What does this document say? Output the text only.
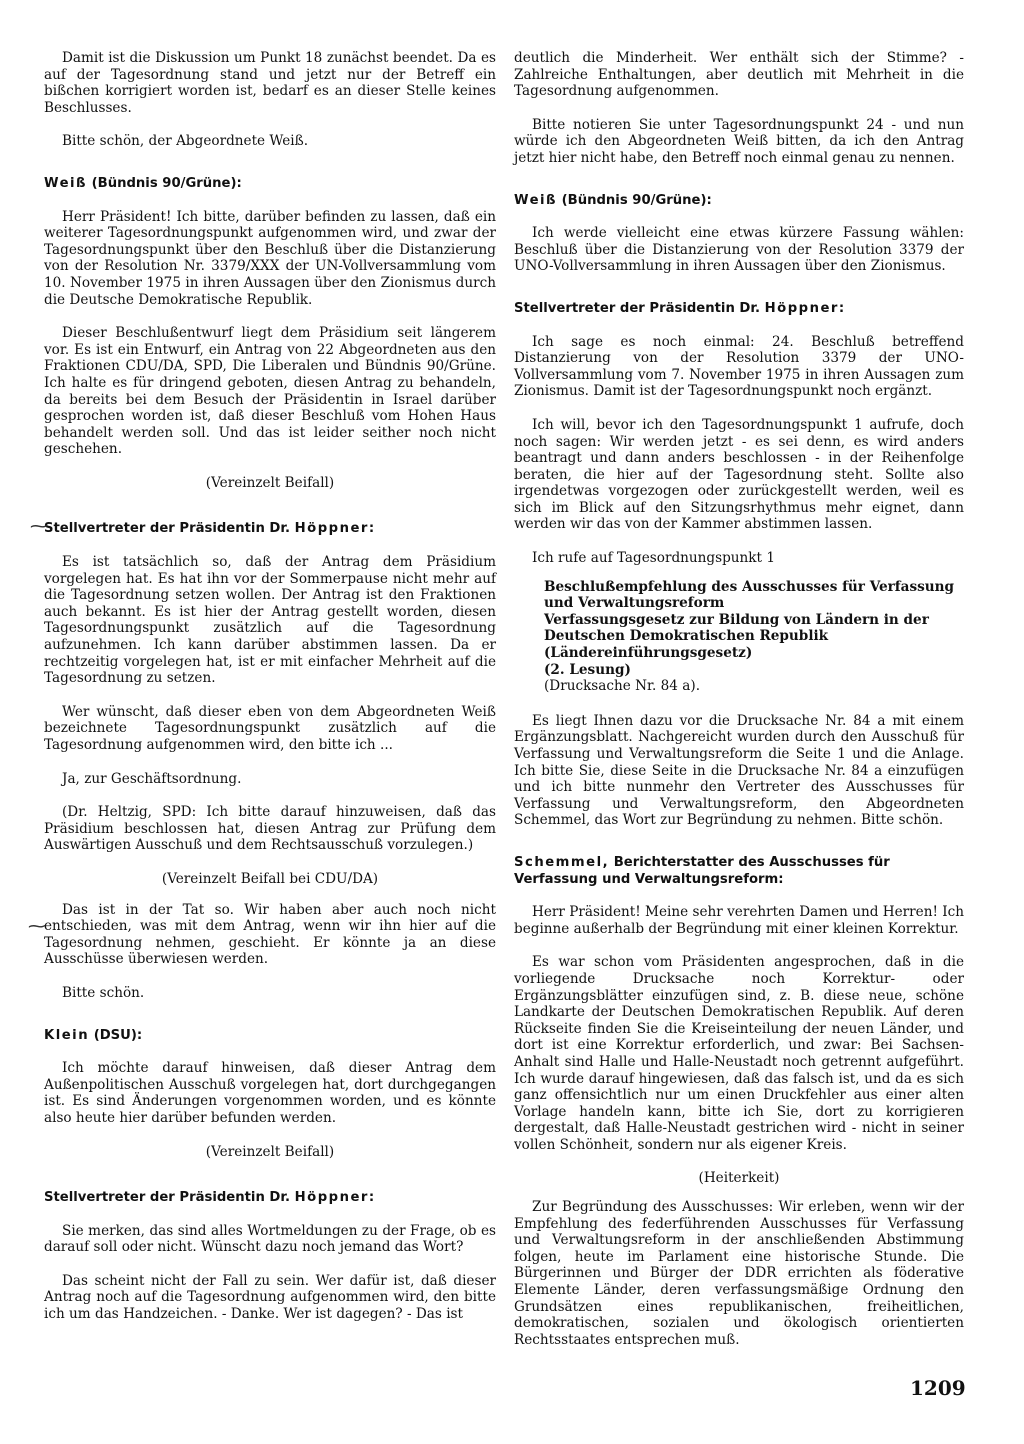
Damit ist die Diskussion um Punkt 18 zunächst beendet. Da es auf der Tagesordnung stand und jetzt nur der Betreff ein bißchen korrigiert worden ist, bedarf es an dieser Stelle keines Beschlusses.

Bitte schön, der Abgeordnete Weiß.

Weiß (Bündnis 90/Grüne):

Herr Präsident! Ich bitte, darüber befinden zu lassen, daß ein weiterer Tagesordnungspunkt aufgenommen wird, und zwar der Tagesordnungspunkt über den Beschluß über die Distanzierung von der Resolution Nr. 3379/XXX der UN-Vollversammlung vom 10. November 1975 in ihren Aussagen über den Zionismus durch die Deutsche Demokratische Republik.

Dieser Beschlußentwurf liegt dem Präsidium seit längerem vor. Es ist ein Entwurf, ein Antrag von 22 Abgeordneten aus den Fraktionen CDU/DA, SPD, Die Liberalen und Bündnis 90/Grüne. Ich halte es für dringend geboten, diesen Antrag zu behandeln, da bereits bei dem Besuch der Präsidentin in Israel darüber gesprochen worden ist, daß dieser Beschluß vom Hohen Haus behandelt werden soll. Und das ist leider seither noch nicht geschehen.

(Vereinzelt Beifall)

Stellvertreter der Präsidentin Dr. Höppner:

Es ist tatsächlich so, daß der Antrag dem Präsidium vorgelegen hat. Es hat ihn vor der Sommerpause nicht mehr auf die Tagesordnung setzen wollen. Der Antrag ist den Fraktionen auch bekannt. Es ist hier der Antrag gestellt worden, diesen Tagesordnungspunkt zusätzlich auf die Tagesordnung aufzunehmen. Ich kann darüber abstimmen lassen. Da er rechtzeitig vorgelegen hat, ist er mit einfacher Mehrheit auf die Tagesordnung zu setzen.

Wer wünscht, daß dieser eben von dem Abgeordneten Weiß bezeichnete Tagesordnungspunkt zusätzlich auf die Tagesordnung aufgenommen wird, den bitte ich ...

Ja, zur Geschäftsordnung.

(Dr. Heltzig, SPD: Ich bitte darauf hinzuweisen, daß das Präsidium beschlossen hat, diesen Antrag zur Prüfung dem Auswärtigen Ausschuß und dem Rechtsausschuß vorzulegen.)

(Vereinzelt Beifall bei CDU/DA)

Das ist in der Tat so. Wir haben aber auch noch nicht entschieden, was mit dem Antrag, wenn wir ihn hier auf die Tagesordnung nehmen, geschieht. Er könnte ja an diese Ausschüsse überwiesen werden.

Bitte schön.

Klein (DSU):

Ich möchte darauf hinweisen, daß dieser Antrag dem Außenpolitischen Ausschuß vorgelegen hat, dort durchgegangen ist. Es sind Änderungen vorgenommen worden, und es könnte also heute hier darüber befunden werden.

(Vereinzelt Beifall)

Stellvertreter der Präsidentin Dr. Höppner:

Sie merken, das sind alles Wortmeldungen zu der Frage, ob es darauf soll oder nicht. Wünscht dazu noch jemand das Wort?

Das scheint nicht der Fall zu sein. Wer dafür ist, daß dieser Antrag noch auf die Tagesordnung aufgenommen wird, den bitte ich um das Handzeichen. - Danke. Wer ist dagegen? - Das ist

deutlich die Minderheit. Wer enthält sich der Stimme? - Zahlreiche Enthaltungen, aber deutlich mit Mehrheit in die Tagesordnung aufgenommen.

Bitte notieren Sie unter Tagesordnungspunkt 24 - und nun würde ich den Abgeordneten Weiß bitten, da ich den Antrag jetzt hier nicht habe, den Betreff noch einmal genau zu nennen.

Weiß (Bündnis 90/Grüne):

Ich werde vielleicht eine etwas kürzere Fassung wählen: Beschluß über die Distanzierung von der Resolution 3379 der UNO-Vollversammlung in ihren Aussagen über den Zionismus.

Stellvertreter der Präsidentin Dr. Höppner:

Ich sage es noch einmal: 24. Beschluß betreffend Distanzierung von der Resolution 3379 der UNO-Vollversammlung vom 7. November 1975 in ihren Aussagen zum Zionismus. Damit ist der Tagesordnungspunkt noch ergänzt.

Ich will, bevor ich den Tagesordnungspunkt 1 aufrufe, doch noch sagen: Wir werden jetzt - es sei denn, es wird anders beantragt und dann anders beschlossen - in der Reihenfolge beraten, die hier auf der Tagesordnung steht. Sollte also irgendetwas vorgezogen oder zurückgestellt werden, weil es sich im Blick auf den Sitzungsrhythmus mehr eignet, dann werden wir das von der Kammer abstimmen lassen.

Ich rufe auf Tagesordnungspunkt 1

Beschlußempfehlung des Ausschusses für Verfassung und Verwaltungsreform
Verfassungsgesetz zur Bildung von Ländern in der Deutschen Demokratischen Republik (Ländereinführungsgesetz)
(2. Lesung)
(Drucksache Nr. 84 a).

Es liegt Ihnen dazu vor die Drucksache Nr. 84 a mit einem Ergänzungsblatt. Nachgereicht wurden durch den Ausschuß für Verfassung und Verwaltungsreform die Seite 1 und die Anlage. Ich bitte Sie, diese Seite in die Drucksache Nr. 84 a einzufügen und ich bitte nunmehr den Vertreter des Ausschusses für Verfassung und Verwaltungsreform, den Abgeordneten Schemmel, das Wort zur Begründung zu nehmen. Bitte schön.

Schemmel, Berichterstatter des Ausschusses für Verfassung und Verwaltungsreform:

Herr Präsident! Meine sehr verehrten Damen und Herren! Ich beginne außerhalb der Begründung mit einer kleinen Korrektur.

Es war schon vom Präsidenten angesprochen, daß in die vorliegende Drucksache noch Korrektur- oder Ergänzungsblätter einzufügen sind, z. B. diese neue, schöne Landkarte der Deutschen Demokratischen Republik. Auf deren Rückseite finden Sie die Kreiseinteilung der neuen Länder, und dort ist eine Korrektur erforderlich, und zwar: Bei Sachsen-Anhalt sind Halle und Halle-Neustadt noch getrennt aufgeführt. Ich wurde darauf hingewiesen, daß das falsch ist, und da es sich ganz offensichtlich nur um einen Druckfehler aus einer alten Vorlage handeln kann, bitte ich Sie, dort zu korrigieren dergestalt, daß Halle-Neustadt gestrichen wird - nicht in seiner vollen Schönheit, sondern nur als eigener Kreis.

(Heiterkeit)

Zur Begründung des Ausschusses: Wir erleben, wenn wir der Empfehlung des federführenden Ausschusses für Verfassung und Verwaltungsreform in der anschließenden Abstimmung folgen, heute im Parlament eine historische Stunde. Die Bürgerinnen und Bürger der DDR errichten als föderative Elemente Länder, deren verfassungsmäßige Ordnung den Grundsätzen eines republikanischen, freiheitlichen, demokratischen, sozialen und ökologisch orientierten Rechtsstaates entsprechen muß.

⁓
⁓
1209
